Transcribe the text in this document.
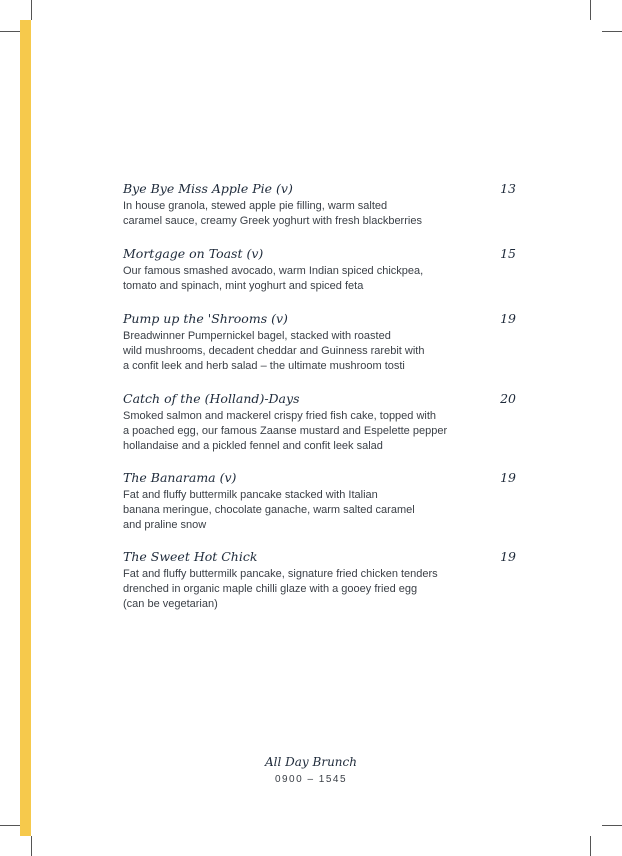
Bye Bye Miss Apple Pie (v)	13

In house granola, stewed apple pie filling, warm salted
caramel sauce, creamy Greek yoghurt with fresh blackberries

Mortgage on Toast (v)	15

Our famous smashed avocado, warm Indian spiced chickpea,
tomato and spinach, mint yoghurt and spiced feta

Pump up the 'Shrooms (v)	19

Breadwinner Pumpernickel bagel, stacked with roasted
wild mushrooms, decadent cheddar and Guinness rarebit with
a confit leek and herb salad – the ultimate mushroom tosti

Catch of the (Holland)-Days	20

Smoked salmon and mackerel crispy fried fish cake, topped with
a poached egg, our famous Zaanse mustard and Espelette pepper
hollandaise and a pickled fennel and confit leek salad

The Banarama (v)	19

Fat and fluffy buttermilk pancake stacked with Italian
banana meringue, chocolate ganache, warm salted caramel
and praline snow

The Sweet Hot Chick	19

Fat and fluffy buttermilk pancake, signature fried chicken tenders
drenched in organic maple chilli glaze with a gooey fried egg
(can be vegetarian)

All Day Brunch
0900 – 1545
